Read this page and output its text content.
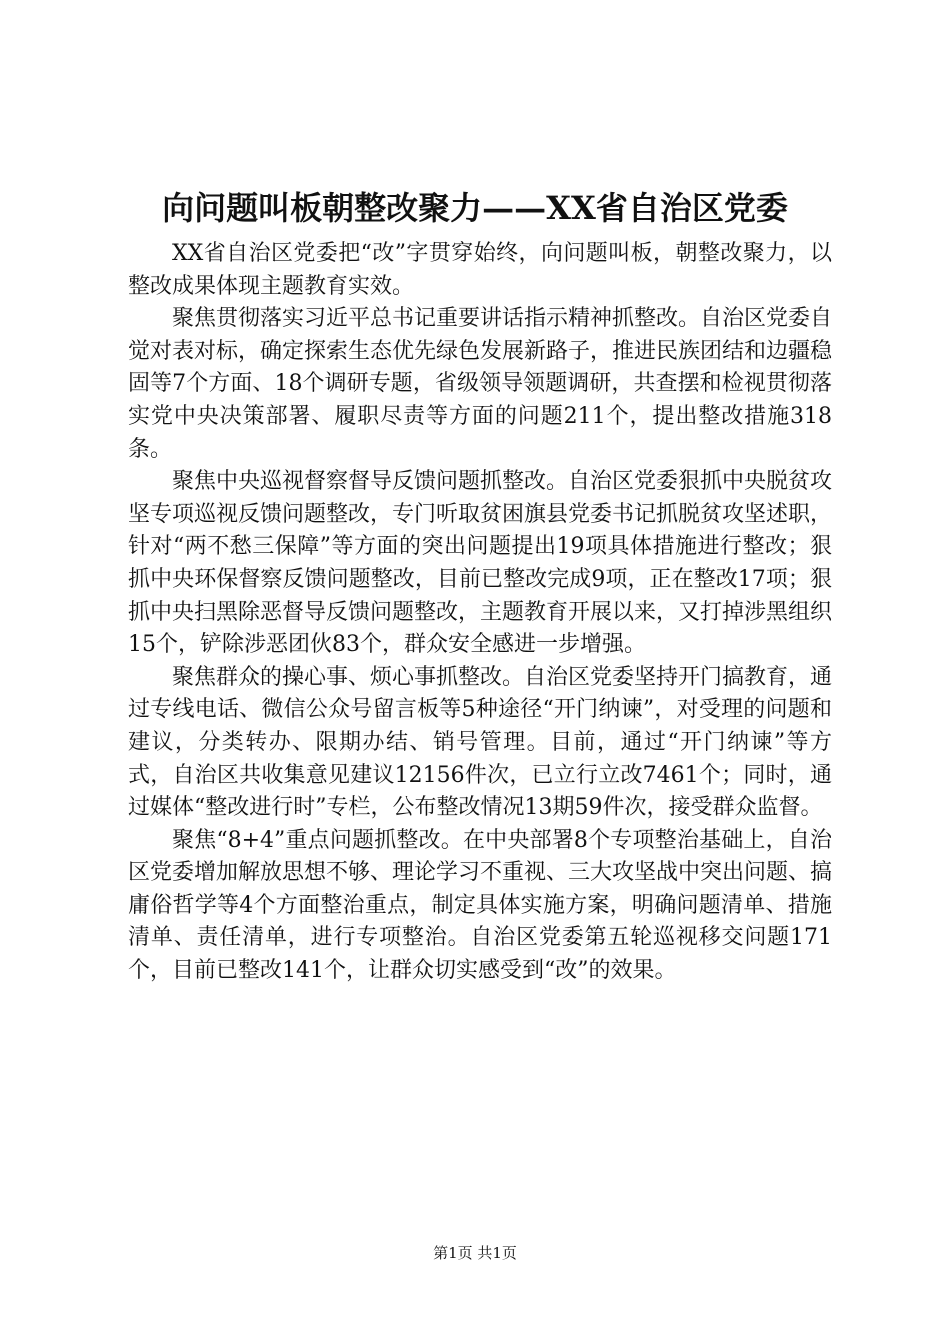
向问题叫板朝整改聚力——XX省自治区党委

XX省自治区党委把“改”字贯穿始终，向问题叫板，朝整改聚力，以整改成果体现主题教育实效。

聚焦贯彻落实习近平总书记重要讲话指示精神抓整改。自治区党委自觉对表对标，确定探索生态优先绿色发展新路子，推进民族团结和边疆稳固等7个方面、18个调研专题，省级领导领题调研，共查摆和检视贯彻落实党中央决策部署、履职尽责等方面的问题211个，提出整改措施318条。

聚焦中央巡视督察督导反馈问题抓整改。自治区党委狠抓中央脱贫攻坚专项巡视反馈问题整改，专门听取贫困旗县党委书记抓脱贫攻坚述职，针对“两不愁三保障”等方面的突出问题提出19项具体措施进行整改；狠抓中央环保督察反馈问题整改，目前已整改完成9项，正在整改17项；狠抓中央扫黑除恶督导反馈问题整改，主题教育开展以来，又打掉涉黑组织15个，铲除涉恶团伙83个，群众安全感进一步增强。

聚焦群众的操心事、烦心事抓整改。自治区党委坚持开门搞教育，通过专线电话、微信公众号留言板等5种途径“开门纳谏”，对受理的问题和建议，分类转办、限期办结、销号管理。目前，通过“开门纳谏”等方式，自治区共收集意见建议12156件次，已立行立改7461个；同时，通过媒体“整改进行时”专栏，公布整改情况13期59件次，接受群众监督。

聚焦“8+4”重点问题抓整改。在中央部署8个专项整治基础上，自治区党委增加解放思想不够、理论学习不重视、三大攻坚战中突出问题、搞庸俗哲学等4个方面整治重点，制定具体实施方案，明确问题清单、措施清单、责任清单，进行专项整治。自治区党委第五轮巡视移交问题171个，目前已整改141个，让群众切实感受到“改”的效果。

第1页 共1页
